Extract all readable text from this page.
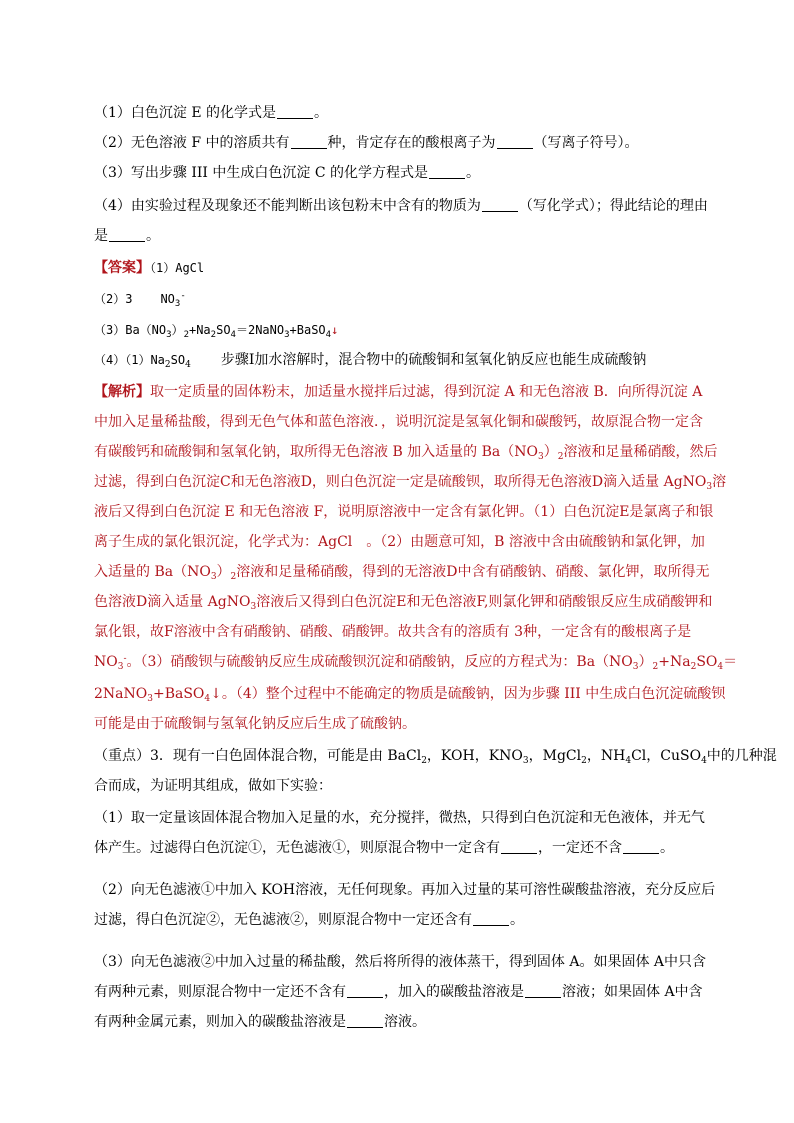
（1）白色沉淀 E 的化学式是	。
（2）无色溶液 F 中的溶质共有	种，肯定存在的酸根离子为	（写离子符号）。
（3）写出步骤 III 中生成白色沉淀 C 的化学方程式是	。
（4）由实验过程及现象还不能判断出该包粉末中含有的物质为	（写化学式）；得此结论的理由
是	。
【答案】（1）AgCl
（2）3 $NO_3^-$
$(3)Ba(NO_3)_2+Na_2SO_4=2NaNO_3+BaSO_4↓$
$(4)(1)Na_2SO_4$ 步骤Ⅰ加水溶解时，混合物中的硫酸铜和氢氧化钠反应也能生成硫酸钠
【解析】取一定质量的固体粉末，加适量水搅拌后过滤，得到沉淀 A 和无色溶液 B．向所得沉淀 A
中加入足量稀盐酸，得到无色气体和蓝色溶液．，说明沉淀是氢氧化铜和碳酸钙，故原混合物一定含
有碳酸钙和硫酸铜和氢氧化钠，取所得无色溶液 B 加入适量的 $Ba(NO_3)_2$溶液和足量稀硝酸，然后
过滤，得到白色沉淀C和无色溶液D，则白色沉淀一定是硫酸钡，取所得无色溶液D滴入适量 AgNO$_3$溶
液后又得到白色沉淀 E 和无色溶液 F，说明原溶液中一定含有氯化钾。（1）白色沉淀E是氯离子和银
离子生成的氯化银沉淀，化学式为：AgCl　。（2）由题意可知，B 溶液中含由硫酸钠和氯化钾，加
入适量的 $Ba(NO_3)_2$溶液和足量稀硝酸，得到的无溶液D中含有硝酸钠、硝酸、氯化钾，取所得无
色溶液D滴入适量 AgNO$_3$溶液后又得到白色沉淀E和无色溶液F,则氯化钾和硝酸银反应生成硝酸钾和
氯化银，故F溶液中含有硝酸钠、硝酸、硝酸钾。故共含有的溶质有 3种，一定含有的酸根离子是
$NO_3^-$。（3）硝酸钡与硫酸钠反应生成硫酸钡沉淀和硝酸钠，反应的方程式为：$Ba(NO_3)_2+Na_2SO_4=$
2NaNO$_3$+BaSO$_4$↓。（4）整个过程中不能确定的物质是硫酸钠，因为步骤 III 中生成白色沉淀硫酸钡
可能是由于硫酸铜与氢氧化钠反应后生成了硫酸钠。
（重点）3．现有一白色固体混合物，可能是由 BaCl$_2$，KOH，$KNO_3$，MgCl$_2$，$NH_4Cl$，CuSO$_4$中的几种混
合而成，为证明其组成，做如下实验：
（1）取一定量该固体混合物加入足量的水，充分搅拌，微热，只得到白色沉淀和无色液体，并无气
体产生。过滤得白色沉淀①，无色滤液①，则原混合物中一定含有	，一定还不含	。
（2）向无色滤液①中加入 KOH溶液，无任何现象。再加入过量的某可溶性碳酸盐溶液，充分反应后
过滤，得白色沉淀②，无色滤液②，则原混合物中一定还含有	。
（3）向无色滤液②中加入过量的稀盐酸，然后将所得的液体蒸干，得到固体 A。如果固体 A中只含
有两种元素，则原混合物中一定还不含有	，加入的碳酸盐溶液是	溶液；如果固体 A中含
有两种金属元素，则加入的碳酸盐溶液是	溶液。
